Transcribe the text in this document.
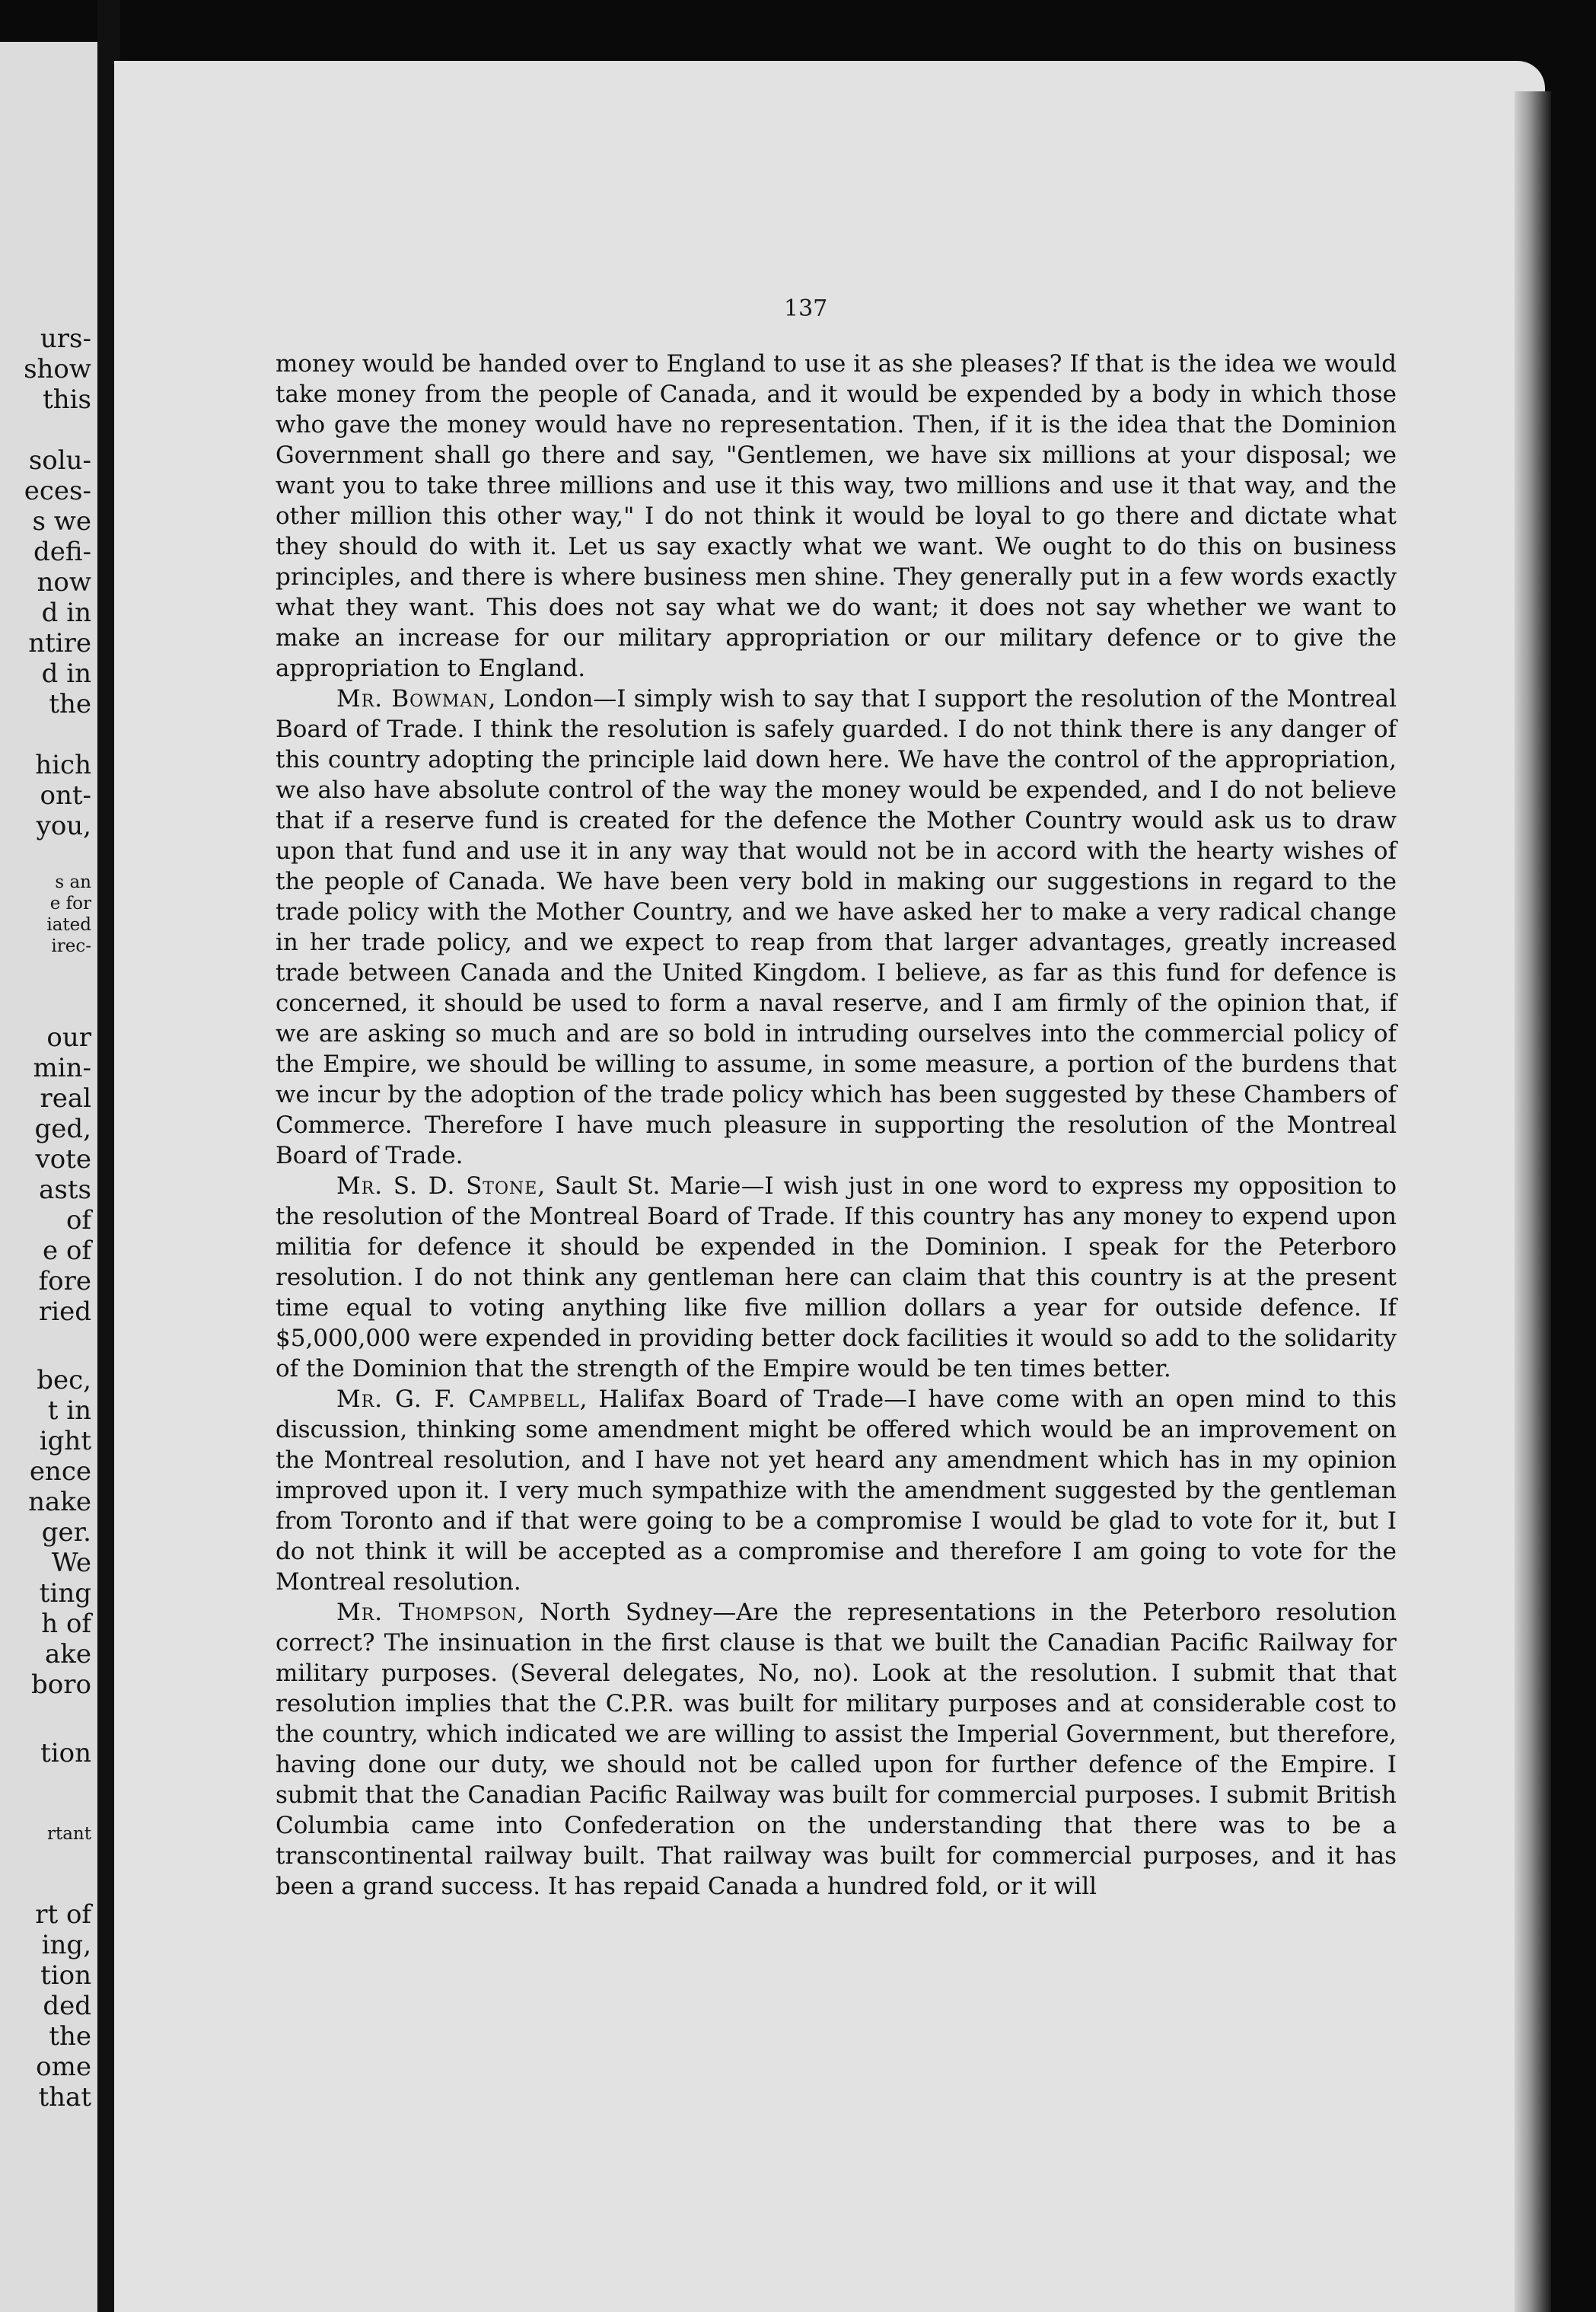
urs-
show
this
solu-
eces-
s we
defi-
now
d in
ntire
d in
the
hich
ont-
you,
s an
e for
iated
irec-
our
min-
real
ged,
vote
asts
of
e of
fore
ried
bec,
t in
ight
ence
nake
ger.
We
ting
h of
ake
boro
tion
rtant
rt of
ing,
tion
ded
the
ome
that
137

money would be handed over to England to use it as she pleases? If that is the idea we would take money from the people of Canada, and it would be expended by a body in which those who gave the money would have no representation. Then, if it is the idea that the Dominion Government shall go there and say, "Gentlemen, we have six millions at your disposal; we want you to take three millions and use it this way, two millions and use it that way, and the other million this other way," I do not think it would be loyal to go there and dictate what they should do with it. Let us say exactly what we want. We ought to do this on business principles, and there is where business men shine. They generally put in a few words exactly what they want. This does not say what we do want; it does not say whether we want to make an increase for our military appropriation or our military defence or to give the appropriation to England.

Mr. Bowman, London—I simply wish to say that I support the resolution of the Montreal Board of Trade. I think the resolution is safely guarded. I do not think there is any danger of this country adopting the principle laid down here. We have the control of the appropriation, we also have absolute control of the way the money would be expended, and I do not believe that if a reserve fund is created for the defence the Mother Country would ask us to draw upon that fund and use it in any way that would not be in accord with the hearty wishes of the people of Canada. We have been very bold in making our suggestions in regard to the trade policy with the Mother Country, and we have asked her to make a very radical change in her trade policy, and we expect to reap from that larger advantages, greatly increased trade between Canada and the United Kingdom. I believe, as far as this fund for defence is concerned, it should be used to form a naval reserve, and I am firmly of the opinion that, if we are asking so much and are so bold in intruding ourselves into the commercial policy of the Empire, we should be willing to assume, in some measure, a portion of the burdens that we incur by the adoption of the trade policy which has been suggested by these Chambers of Commerce. Therefore I have much pleasure in supporting the resolution of the Montreal Board of Trade.

Mr. S. D. Stone, Sault St. Marie—I wish just in one word to express my opposition to the resolution of the Montreal Board of Trade. If this country has any money to expend upon militia for defence it should be expended in the Dominion. I speak for the Peterboro resolution. I do not think any gentleman here can claim that this country is at the present time equal to voting anything like five million dollars a year for outside defence. If $5,000,000 were expended in providing better dock facilities it would so add to the solidarity of the Dominion that the strength of the Empire would be ten times better.

Mr. G. F. Campbell, Halifax Board of Trade—I have come with an open mind to this discussion, thinking some amendment might be offered which would be an improvement on the Montreal resolution, and I have not yet heard any amendment which has in my opinion improved upon it. I very much sympathize with the amendment suggested by the gentleman from Toronto and if that were going to be a compromise I would be glad to vote for it, but I do not think it will be accepted as a compromise and therefore I am going to vote for the Montreal resolution.

Mr. Thompson, North Sydney—Are the representations in the Peterboro resolution correct? The insinuation in the first clause is that we built the Canadian Pacific Railway for military purposes. (Several delegates, No, no). Look at the resolution. I submit that that resolution implies that the C.P.R. was built for military purposes and at considerable cost to the country, which indicated we are willing to assist the Imperial Government, but therefore, having done our duty, we should not be called upon for further defence of the Empire. I submit that the Canadian Pacific Railway was built for commercial purposes. I submit British Columbia came into Confederation on the understanding that there was to be a transcontinental railway built. That railway was built for commercial purposes, and it has been a grand success. It has repaid Canada a hundred fold, or it will
